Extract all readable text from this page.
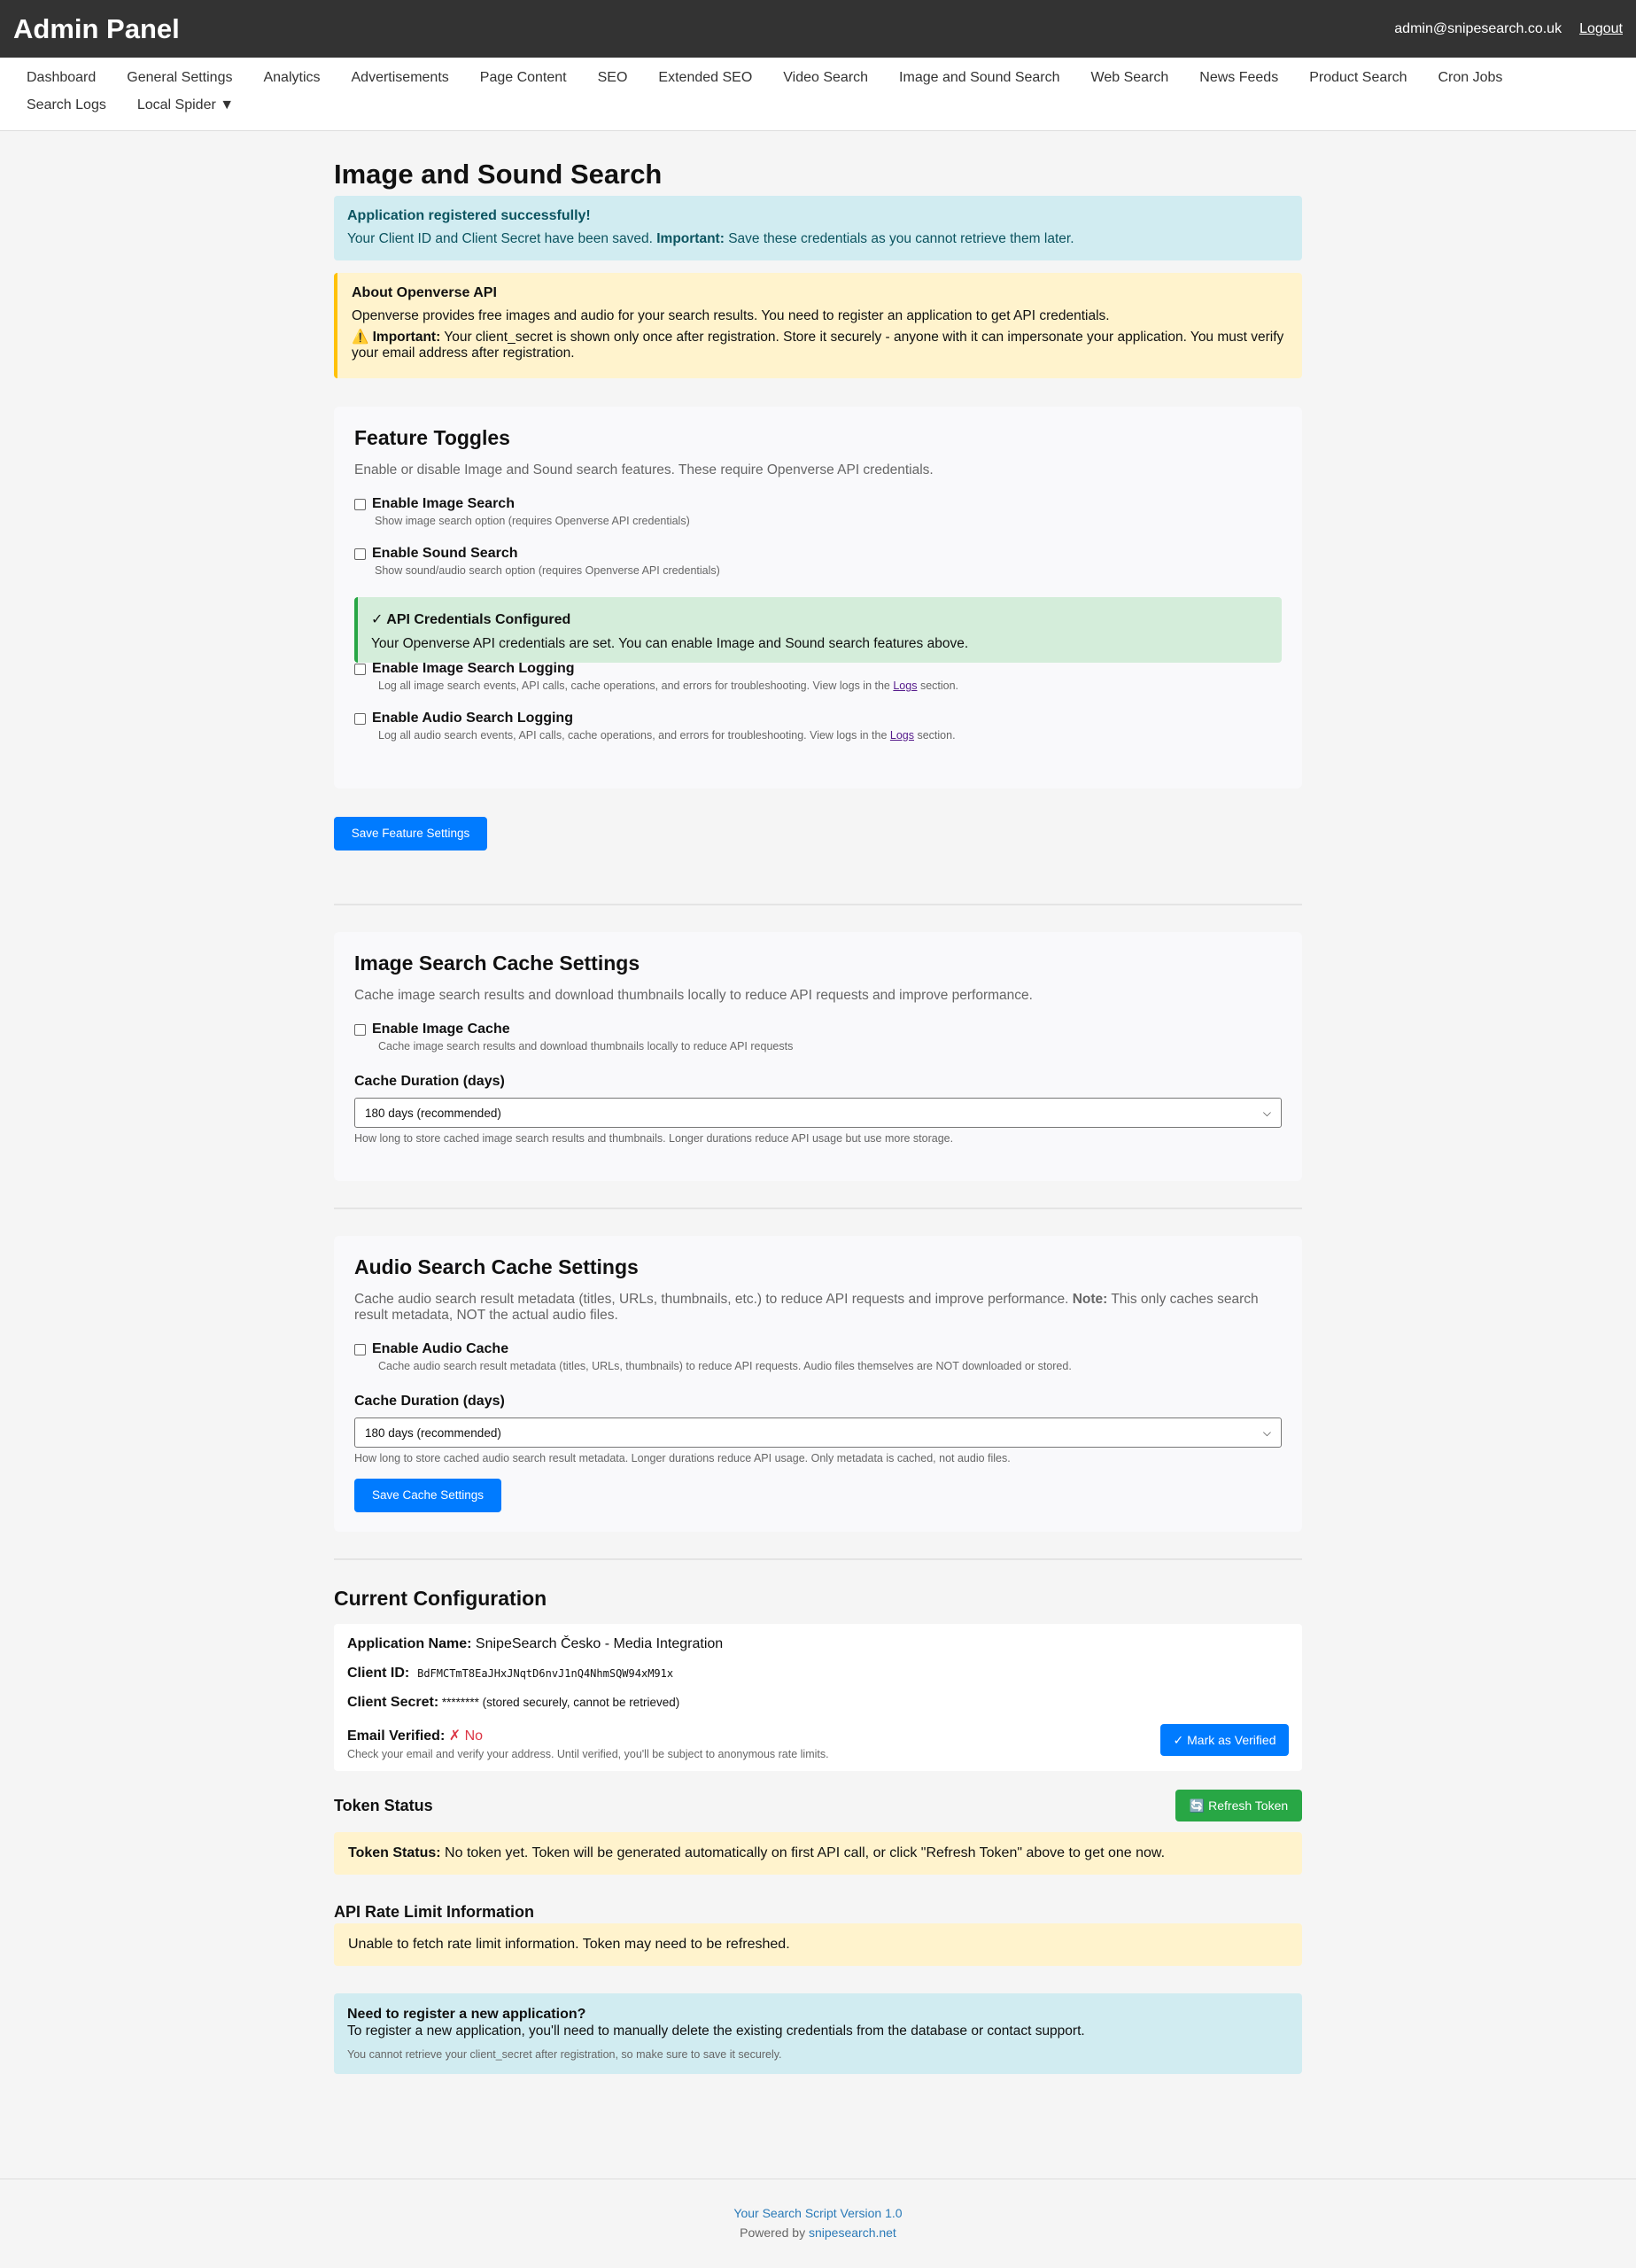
Admin Panel	admin@snipesearch.co.uk Logout
Dashboard	General Settings	Analytics	Advertisements	Page Content	SEO	Extended SEO	Video Search	Image and Sound Search	Web Search	News Feeds	Product Search	Cron Jobs
Search Logs	Local Spider ▼
Image and Sound Search
Application registered successfully!
Your Client ID and Client Secret have been saved. Important: Save these credentials as you cannot retrieve them later.
About Openverse API

Openverse provides free images and audio for your search results. You need to register an application to get API credentials.

⚠️ Important: Your client_secret is shown only once after registration. Store it securely - anyone with it can impersonate your application. You must verify your email address after registration.

Feature Toggles
Enable or disable Image and Sound search features. These require Openverse API credentials.
Enable Image Search
Show image search option (requires Openverse API credentials)
Enable Sound Search
Show sound/audio search option (requires Openverse API credentials)
✓ API Credentials Configured
Your Openverse API credentials are set. You can enable Image and Sound search features above.
Enable Image Search Logging
Log all image search events, API calls, cache operations, and errors for troubleshooting. View logs in the Logs section.
Enable Audio Search Logging
Log all audio search events, API calls, cache operations, and errors for troubleshooting. View logs in the Logs section.
Save Feature Settings
Image Search Cache Settings
Cache image search results and download thumbnails locally to reduce API requests and improve performance.
Enable Image Cache
Cache image search results and download thumbnails locally to reduce API requests
Cache Duration (days)
180 days (recommended)	⌵
How long to store cached image search results and thumbnails. Longer durations reduce API usage but use more storage.
Audio Search Cache Settings
Cache audio search result metadata (titles, URLs, thumbnails, etc.) to reduce API requests and improve performance. Note: This only caches search result metadata, NOT the actual audio files.
Enable Audio Cache
Cache audio search result metadata (titles, URLs, thumbnails) to reduce API requests. Audio files themselves are NOT downloaded or stored.
Cache Duration (days)
180 days (recommended)	⌵
How long to store cached audio search result metadata. Longer durations reduce API usage. Only metadata is cached, not audio files.
Save Cache Settings
Current Configuration
Application Name: SnipeSearch Česko - Media Integration
Client ID: BdFMCTmT8EaJHxJNqtD6nvJ1nQ4NhmSQW94xM91x
Client Secret: ******** (stored securely, cannot be retrieved)
Email Verified: ✗ No
Check your email and verify your address. Until verified, you'll be subject to anonymous rate limits.
✓ Mark as Verified
Token Status	🔄 Refresh Token
Token Status: No token yet. Token will be generated automatically on first API call, or click "Refresh Token" above to get one now.
API Rate Limit Information
Unable to fetch rate limit information. Token may need to be refreshed.
Need to register a new application?
To register a new application, you'll need to manually delete the existing credentials from the database or contact support.
You cannot retrieve your client_secret after registration, so make sure to save it securely.
Your Search Script Version 1.0
Powered by snipesearch.net
